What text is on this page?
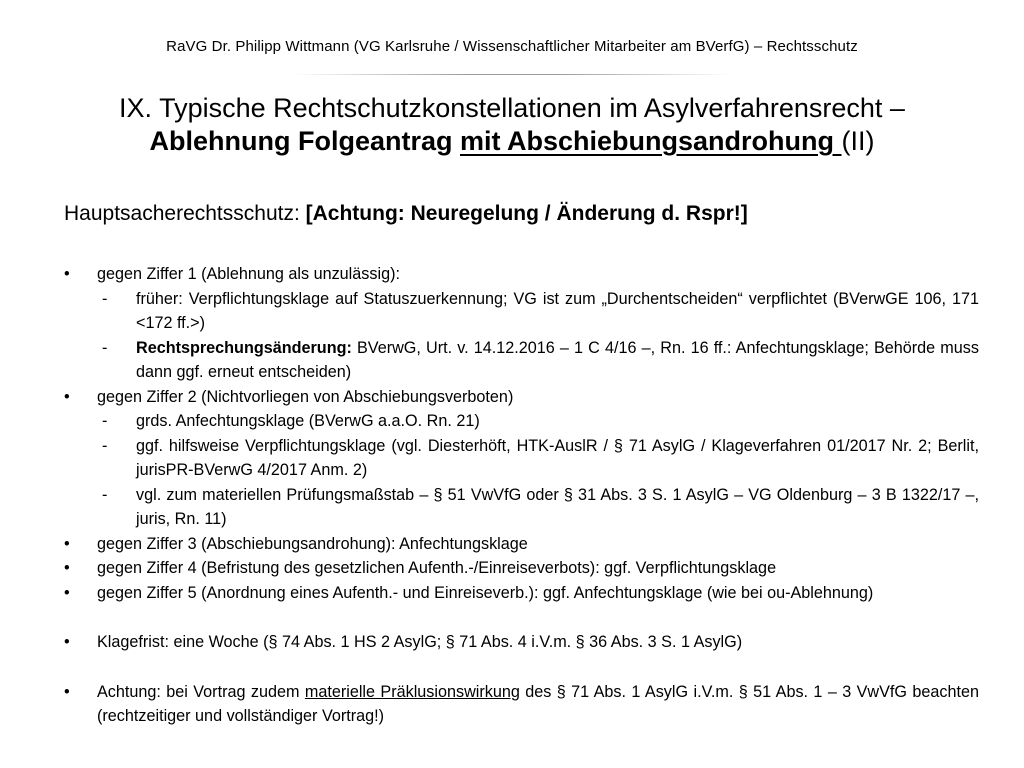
RaVG Dr. Philipp Wittmann (VG Karlsruhe / Wissenschaftlicher Mitarbeiter am BVerfG) – Rechtsschutz
IX. Typische Rechtschutzkonstellationen im Asylverfahrensrecht –
Ablehnung Folgeantrag mit Abschiebungsandrohung (II)
Hauptsacherechtsschutz: [Achtung: Neuregelung / Änderung d. Rspr!]
•	gegen Ziffer 1 (Ablehnung als unzulässig):
-	früher: Verpflichtungsklage auf Statuszuerkennung; VG ist zum „Durchentscheiden“ verpflichtet (BVerwGE 106, 171 <172 ff.>)
-	Rechtsprechungsänderung: BVerwG, Urt. v. 14.12.2016 – 1 C 4/16 –, Rn. 16 ff.: Anfechtungsklage; Behörde muss dann ggf. erneut entscheiden)
•	gegen Ziffer 2 (Nichtvorliegen von Abschiebungsverboten)
-	grds. Anfechtungsklage (BVerwG a.a.O. Rn. 21)
-	ggf. hilfsweise Verpflichtungsklage (vgl. Diesterhöft, HTK-AuslR / § 71 AsylG / Klageverfahren 01/2017 Nr. 2; Berlit, jurisPR-BVerwG 4/2017 Anm. 2)
-	vgl. zum materiellen Prüfungsmaßstab – § 51 VwVfG oder § 31 Abs. 3 S. 1 AsylG – VG Oldenburg – 3 B 1322/17 –, juris, Rn. 11)
•	gegen Ziffer 3 (Abschiebungsandrohung): Anfechtungsklage
•	gegen Ziffer 4 (Befristung des gesetzlichen Aufenth.-/Einreiseverbots): ggf. Verpflichtungsklage
•	gegen Ziffer 5 (Anordnung eines Aufenth.- und Einreiseverb.): ggf. Anfechtungsklage (wie bei ou-Ablehnung)
•	Klagefrist: eine Woche (§ 74 Abs. 1 HS 2 AsylG; § 71 Abs. 4 i.V.m. § 36 Abs. 3 S. 1 AsylG)
•	Achtung: bei Vortrag zudem materielle Präklusionswirkung des § 71 Abs. 1 AsylG i.V.m. § 51 Abs. 1 – 3 VwVfG beachten (rechtzeitiger und vollständiger Vortrag!)
